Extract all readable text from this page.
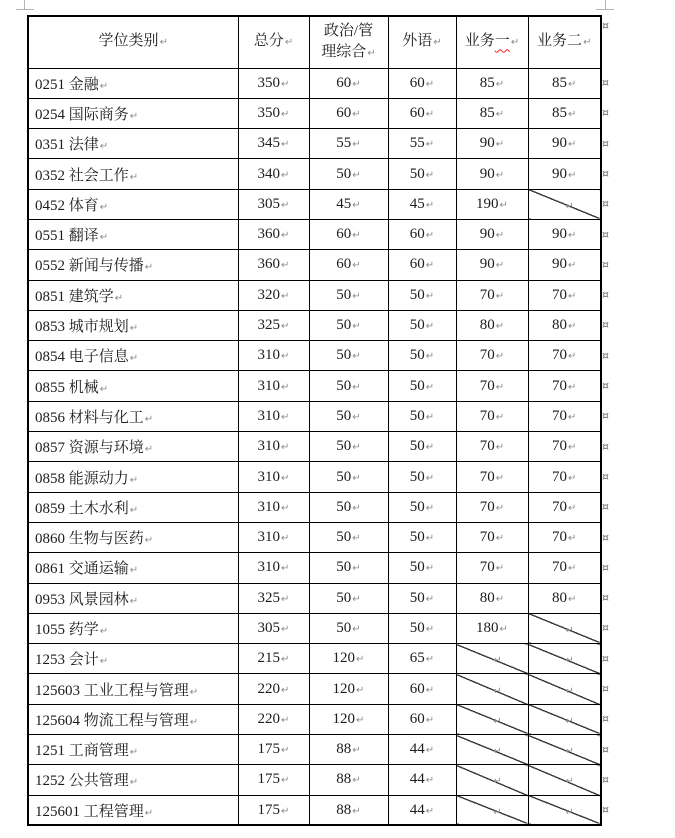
学位类别↵	总分↵	政治/管
理综合↵	外语↵	业务一↵	业务二↵
0251 金融↵	350↵	60↵	60↵	85↵	85↵
0254 国际商务↵	350↵	60↵	60↵	85↵	85↵
0351 法律↵	345↵	55↵	55↵	90↵	90↵
0352 社会工作↵	340↵	50↵	50↵	90↵	90↵
0452 体育↵	305↵	45↵	45↵	190↵	↵
0551 翻译↵	360↵	60↵	60↵	90↵	90↵
0552 新闻与传播↵	360↵	60↵	60↵	90↵	90↵
0851 建筑学↵	320↵	50↵	50↵	70↵	70↵
0853 城市规划↵	325↵	50↵	50↵	80↵	80↵
0854 电子信息↵	310↵	50↵	50↵	70↵	70↵
0855 机械↵	310↵	50↵	50↵	70↵	70↵
0856 材料与化工↵	310↵	50↵	50↵	70↵	70↵
0857 资源与环境↵	310↵	50↵	50↵	70↵	70↵
0858 能源动力↵	310↵	50↵	50↵	70↵	70↵
0859 土木水利↵	310↵	50↵	50↵	70↵	70↵
0860 生物与医药↵	310↵	50↵	50↵	70↵	70↵
0861 交通运输↵	310↵	50↵	50↵	70↵	70↵
0953 风景园林↵	325↵	50↵	50↵	80↵	80↵
1055 药学↵	305↵	50↵	50↵	180↵	↵
1253 会计↵	215↵	120↵	65↵	↵	↵
125603 工业工程与管理↵	220↵	120↵	60↵	↵	↵
125604 物流工程与管理↵	220↵	120↵	60↵	↵	↵
1251 工商管理↵	175↵	88↵	44↵	↵	↵
1252 公共管理↵	175↵	88↵	44↵	↵	↵
125601 工程管理↵	175↵	88↵	44↵	↵	↵
¤
¤
¤
¤
¤
¤
¤
¤
¤
¤
¤
¤
¤
¤
¤
¤
¤
¤
¤
¤
¤
¤
¤
¤
¤
¤
